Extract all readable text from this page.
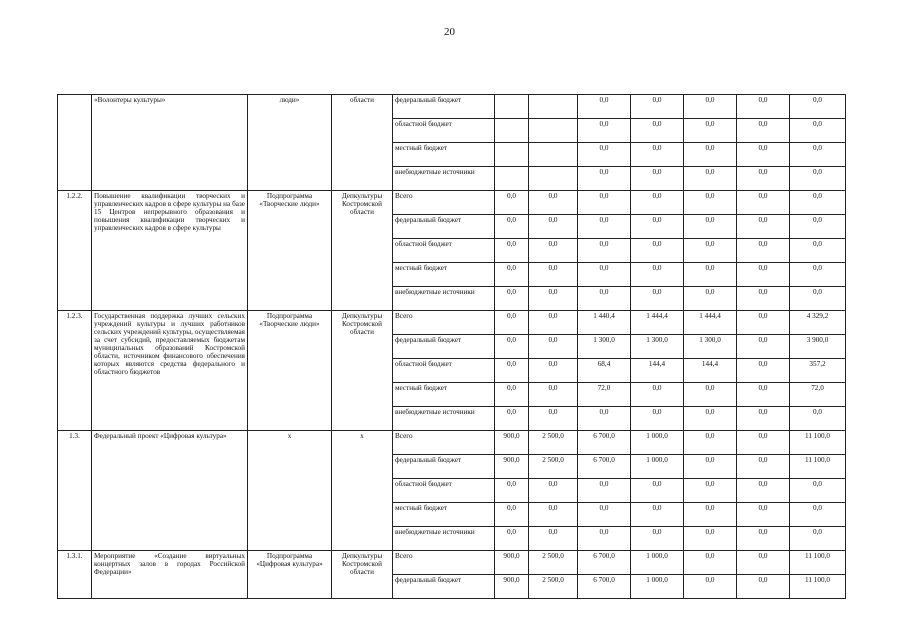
20
	«Волонтеры культуры»	люди»	области	федеральный бюджет			0,0	0,0	0,0	0,0	0,0
				областной бюджет			0,0	0,0	0,0	0,0	0,0
				местный бюджет			0,0	0,0	0,0	0,0	0,0
				внебюджетные источники			0,0	0,0	0,0	0,0	0,0
1.2.2.	Повышение квалификации творческих и управленческих кадров в сфере культуры на базе 15 Центров непрерывного образования и повышения квалификации творческих и управленческих кадров в сфере культуры	Подпрограмма «Творческие люди»	Депкультуры Костромской области	Всего	0,0	0,0	0,0	0,0	0,0	0,0	0,0
				федеральный бюджет	0,0	0,0	0,0	0,0	0,0	0,0	0,0
				областной бюджет	0,0	0,0	0,0	0,0	0,0	0,0	0,0
				местный бюджет	0,0	0,0	0,0	0,0	0,0	0,0	0,0
				внебюджетные источники	0,0	0,0	0,0	0,0	0,0	0,0	0,0
1.2.3.	Государственная поддержка лучших сельских учреждений культуры и лучших работников сельских учреждений культуры, осуществляемая за счет субсидий, предоставляемых бюджетам муниципальных образований Костромской области, источником финансового обеспечения которых являются средства федерального и областного бюджетов	Подпрограмма «Творческие люди»	Депкультуры Костромской области	Всего	0,0	0,0	1 440,4	1 444,4	1 444,4	0,0	4 329,2
				федеральный бюджет	0,0	0,0	1 300,0	1 300,0	1 300,0	0,0	3 900,0
				областной бюджет	0,0	0,0	68,4	144,4	144,4	0,0	357,2
				местный бюджет	0,0	0,0	72,0	0,0	0,0	0,0	72,0
				внебюджетные источники	0,0	0,0	0,0	0,0	0,0	0,0	0,0
1.3.	Федеральный проект «Цифровая культура»	x	x	Всего	900,0	2 500,0	6 700,0	1 000,0	0,0	0,0	11 100,0
				федеральный бюджет	900,0	2 500,0	6 700,0	1 000,0	0,0	0,0	11 100,0
				областной бюджет	0,0	0,0	0,0	0,0	0,0	0,0	0,0
				местный бюджет	0,0	0,0	0,0	0,0	0,0	0,0	0,0
				внебюджетные источники	0,0	0,0	0,0	0,0	0,0	0,0	0,0
1.3.1.	Мероприятие «Создание виртуальных концертных залов в городах Российской Федерации»	Подпрограмма «Цифровая культура»	Депкультуры Костромской области	Всего	900,0	2 500,0	6 700,0	1 000,0	0,0	0,0	11 100,0
				федеральный бюджет	900,0	2 500,0	6 700,0	1 000,0	0,0	0,0	11 100,0
